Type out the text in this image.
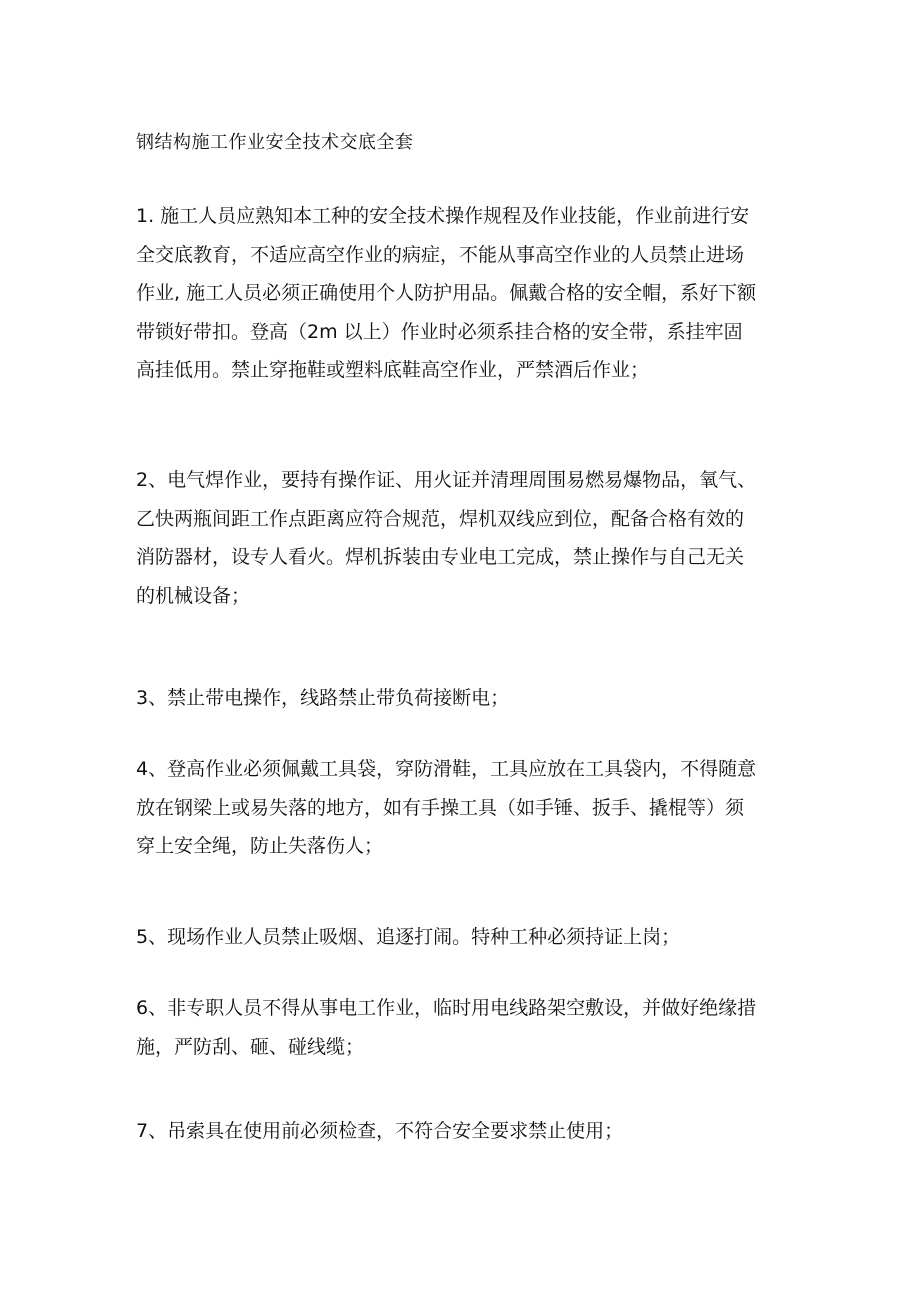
钢结构施工作业安全技术交底全套
1. 施工人员应熟知本工种的安全技术操作规程及作业技能，作业前进行安
全交底教育，不适应高空作业的病症，不能从事高空作业的人员禁止进场
作业, 施工人员必须正确使用个人防护用品。佩戴合格的安全帽，系好下额
带锁好带扣。登高（2m 以上）作业时必须系挂合格的安全带，系挂牢固
高挂低用。禁止穿拖鞋或塑料底鞋高空作业，严禁酒后作业；
2、电气焊作业，要持有操作证、用火证并清理周围易燃易爆物品，氧气、
乙快两瓶间距工作点距离应符合规范，焊机双线应到位，配备合格有效的
消防器材，设专人看火。焊机拆装由专业电工完成，禁止操作与自己无关
的机械设备；
3、禁止带电操作，线路禁止带负荷接断电；
4、登高作业必须佩戴工具袋，穿防滑鞋，工具应放在工具袋内，不得随意
放在钢梁上或易失落的地方，如有手操工具（如手锤、扳手、撬棍等）须
穿上安全绳，防止失落伤人；
5、现场作业人员禁止吸烟、追逐打闹。特种工种必须持证上岗；
6、非专职人员不得从事电工作业，临时用电线路架空敷设，并做好绝缘措
施，严防刮、砸、碰线缆；
7、吊索具在使用前必须检查，不符合安全要求禁止使用；
